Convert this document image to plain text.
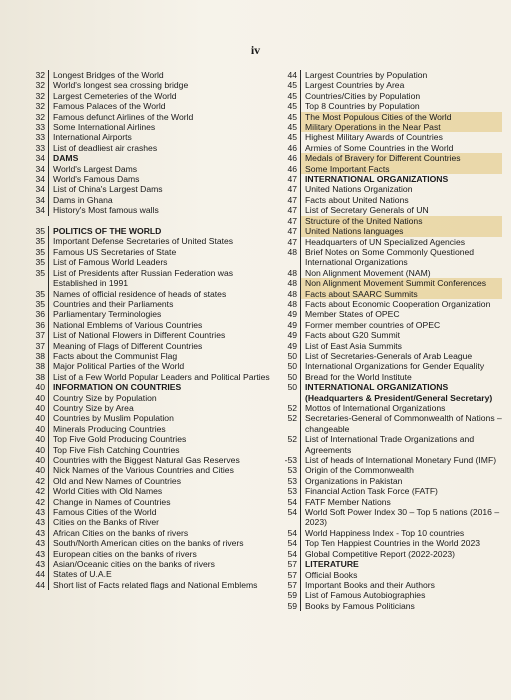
iv
32 Longest Bridges of the World
32 World's longest sea crossing bridge
32 Largest Cemeteries of the World
32 Famous Palaces of the World
32 Famous defunct Airlines of the World
33 Some International Airlines
33 International Airports
33 List of deadliest air crashes
34 DAMS
34 World's Largest Dams
34 World's Famous Dams
34 List of China's Largest Dams
34 Dams in Ghana
34 History's Most famous walls
35 POLITICS OF THE WORLD
35 Important Defense Secretaries of United States
35 Famous US Secretaries of State
35 List of Famous World Leaders
35 List of Presidents after Russian Federation was Established in 1991
35 Names of official residence of heads of states
35 Countries and their Parliaments
36 Parliamentary Terminologies
36 National Emblems of Various Countries
37 List of National Flowers in Different Countries
37 Meaning of Flags of Different Countries
38 Facts about the Communist Flag
38 Major Political Parties of the World
38 List of a Few World Popular Leaders and Political Parties
40 INFORMATION ON COUNTRIES
40 Country Size by Population
40 Country Size by Area
40 Countries by Muslim Population
40 Minerals Producing Countries
40 Top Five Gold Producing Countries
40 Top Five Fish Catching Countries
40 Countries with the Biggest Natural Gas Reserves
40 Nick Names of the Various Countries and Cities
42 Old and New Names of Countries
42 World Cities with Old Names
42 Change in Names of Countries
43 Famous Cities of the World
43 Cities on the Banks of River
43 African Cities on the banks of rivers
43 South/North American cities on the banks of rivers
43 European cities on the banks of rivers
43 Asian/Oceanic cities on the banks of rivers
44 States of U.A.E
44 Short list of Facts related flags and National Emblems
44 Largest Countries by Population
45 Largest Countries by Area
45 Countries/Cities by Population
45 Top 8 Countries by Population
45 The Most Populous Cities of the World
45 Military Operations in the Near Past
45 Highest Military Awards of Countries
46 Armies of Some Countries in the World
46 Medals of Bravery for Different Countries
46 Some Important Facts
47 INTERNATIONAL ORGANIZATIONS
47 United Nations Organization
47 Facts about United Nations
47 List of Secretary Generals of UN
47 Structure of the United Nations
47 United Nations languages
47 Headquarters of UN Specialized Agencies
48 Brief Notes on Some Commonly Questioned International Organizations
48 Non Alignment Movement (NAM)
48 Non Alignment Movement Summit Conferences
48 Facts about SAARC Summits
48 Facts about Economic Cooperation Organization
49 Member States of OPEC
49 Former member countries of OPEC
49 Facts about G20 Summit
49 List of East Asia Summits
50 List of Secretaries-Generals of Arab League
50 International Organizations for Gender Equality
50 Bread for the World Institute
50 INTERNATIONAL ORGANIZATIONS (Headquarters & President/General Secretary)
52 Mottos of International Organizations
52 Secretaries-General of Commonwealth of Nations – changeable
52 List of International Trade Organizations and Agreements
-53 List of heads of International Monetary Fund (IMF)
53 Origin of the Commonwealth
53 Organizations in Pakistan
53 Financial Action Task Force (FATF)
54 FATF Member Nations
54 World Soft Power Index 30 – Top 5 nations (2016 – 2023)
54 World Happiness Index - Top 10 countries
54 Top Ten Happiest Countries in the World 2023
54 Global Competitive Report (2022-2023)
57 LITERATURE
57 Official Books
57 Important Books and their Authors
59 List of Famous Autobiographies
59 Books by Famous Politicians
